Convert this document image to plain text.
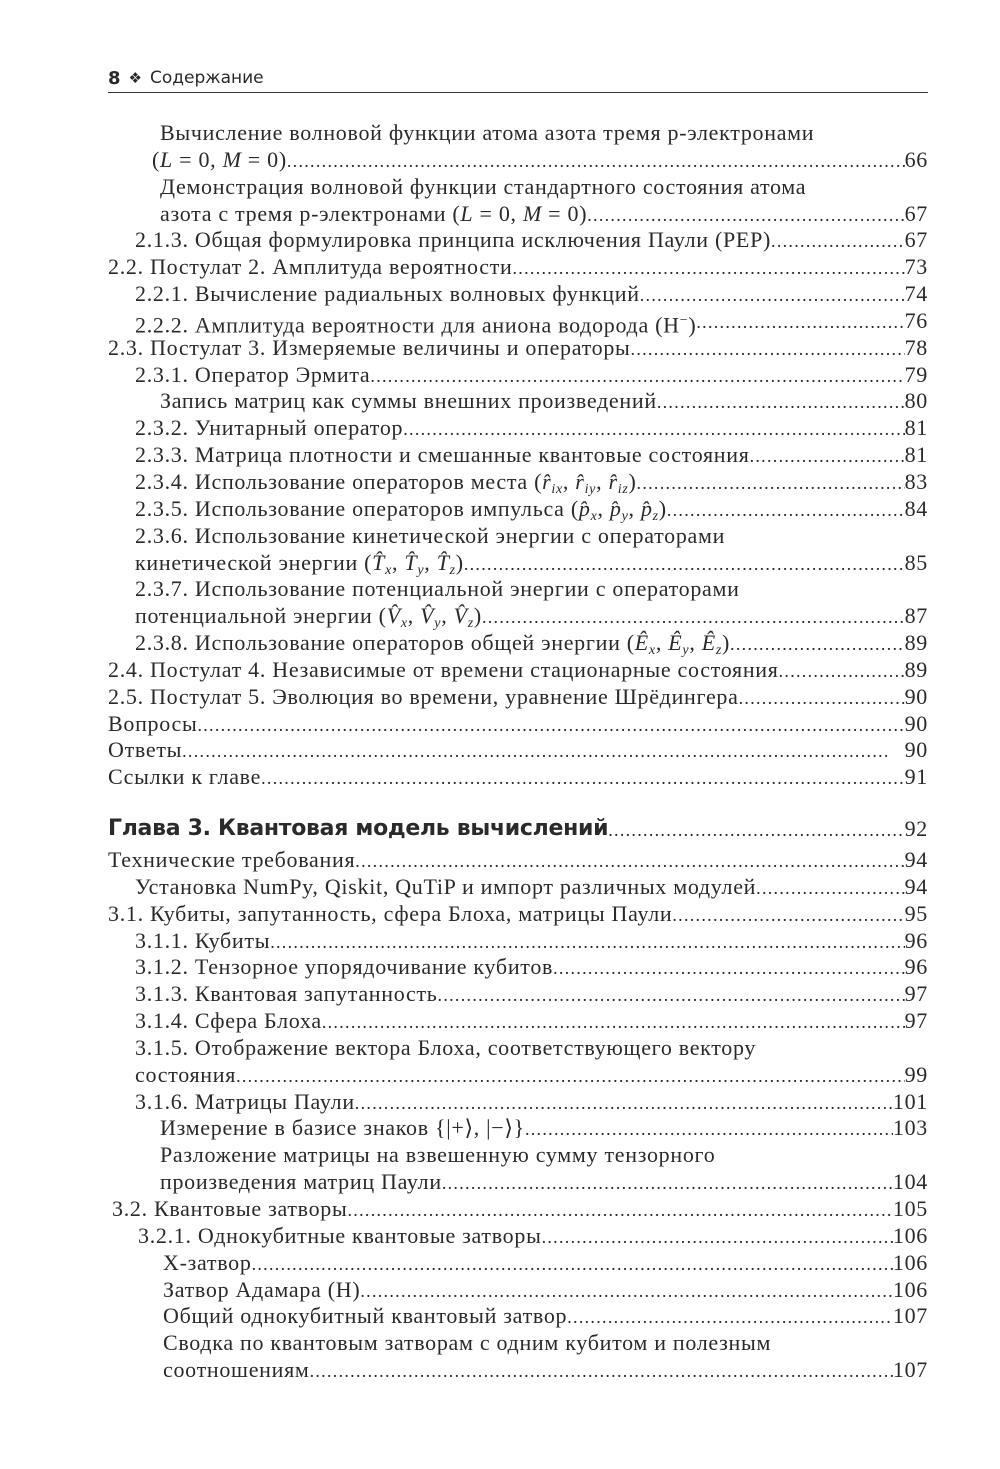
8 ❖ Содержание
Вычисление волновой функции атома азота тремя p-электронами
(L = 0, M = 0) . . .	66
Демонстрация волновой функции стандартного состояния атома
азота с тремя p-электронами (L = 0, M = 0) . . .	67
2.1.3. Общая формулировка принципа исключения Паули (PEP) . . .	67
2.2. Постулат 2. Амплитуда вероятности . . .	73
2.2.1. Вычисление радиальных волновых функций . . .	74
2.2.2. Амплитуда вероятности для аниона водорода (H−) . . .	76
2.3. Постулат 3. Измеряемые величины и операторы . . .	78
2.3.1. Оператор Эрмита . . .	79
Запись матриц как суммы внешних произведений . . .	80
2.3.2. Унитарный оператор . . .	81
2.3.3. Матрица плотности и смешанные квантовые состояния . . .	81
2.3.4. Использование операторов места ($r̂_{ix}$, $r̂_{iy}$, $r̂_{iz}$) . . .	83
2.3.5. Использование операторов импульса ($p̂_x$, $p̂_y$, $p̂_z$) . . .	84
2.3.6. Использование кинетической энергии с операторами
кинетической энергии ($T̂_x$, $T̂_y$, $T̂_z$) . . .	85
2.3.7. Использование потенциальной энергии с операторами
потенциальной энергии ($V̂_x$, $V̂_y$, $V̂_z$) . . .	87
2.3.8. Использование операторов общей энергии ($Ê_x$, $Ê_y$, $Ê_z$) . . .	89
2.4. Постулат 4. Независимые от времени стационарные состояния . . .	89
2.5. Постулат 5. Эволюция во времени, уравнение Шрёдингера . . .	90
Вопросы . . .	90
Ответы . . .	90
Ссылки к главе . . .	91
Глава 3. Квантовая модель вычислений . . .	92
Технические требования . . .	94
Установка NumPy, Qiskit, QuTiP и импорт различных модулей . . .	94
3.1. Кубиты, запутанность, сфера Блоха, матрицы Паули . . .	95
3.1.1. Кубиты . . .	96
3.1.2. Тензорное упорядочивание кубитов . . .	96
3.1.3. Квантовая запутанность . . .	97
3.1.4. Сфера Блоха . . .	97
3.1.5. Отображение вектора Блоха, соответствующего вектору
состояния . . .	99
3.1.6. Матрицы Паули . . .	101
Измерение в базисе знаков {|+⟩, |−⟩} . . .	103
Разложение матрицы на взвешенную сумму тензорного
произведения матриц Паули . . .	104
3.2. Квантовые затворы . . .	105
3.2.1. Однокубитные квантовые затворы . . .	106
X-затвор . . .	106
Затвор Адамара (H) . . .	106
Общий однокубитный квантовый затвор . . .	107
Сводка по квантовым затворам с одним кубитом и полезным
соотношениям . . .	107
